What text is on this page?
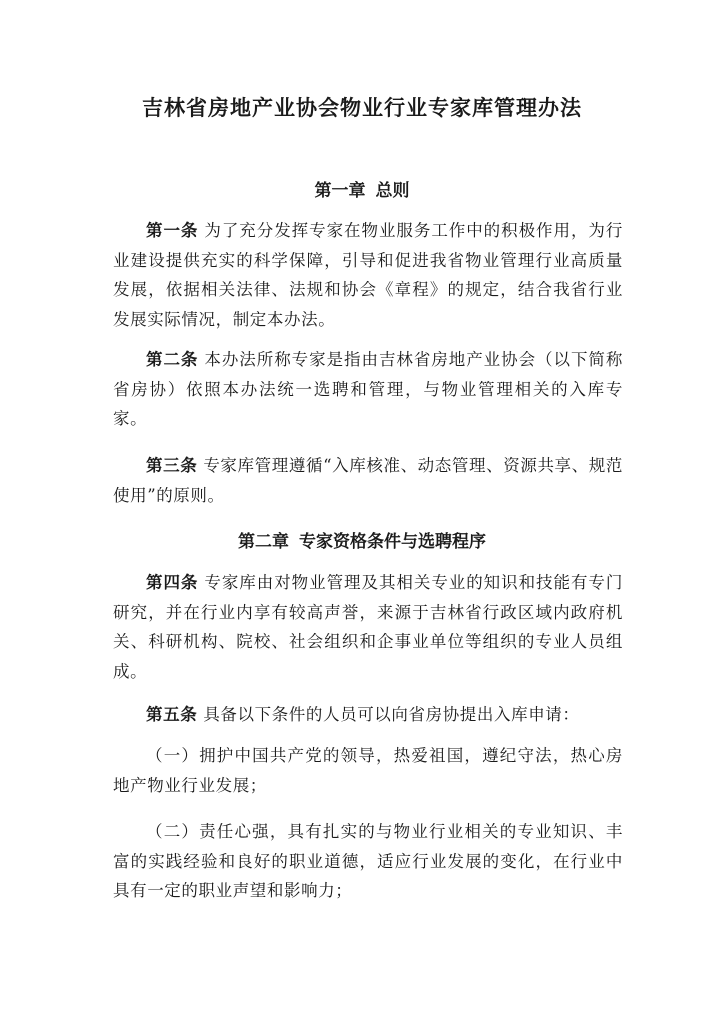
吉林省房地产业协会物业行业专家库管理办法
第一章 总则
第一条 为了充分发挥专家在物业服务工作中的积极作用，为行业建设提供充实的科学保障，引导和促进我省物业管理行业高质量发展，依据相关法律、法规和协会《章程》的规定，结合我省行业发展实际情况，制定本办法。
第二条 本办法所称专家是指由吉林省房地产业协会（以下简称省房协）依照本办法统一选聘和管理，与物业管理相关的入库专家。
第三条 专家库管理遵循“入库核准、动态管理、资源共享、规范使用”的原则。
第二章 专家资格条件与选聘程序
第四条 专家库由对物业管理及其相关专业的知识和技能有专门研究，并在行业内享有较高声誉，来源于吉林省行政区域内政府机关、科研机构、院校、社会组织和企事业单位等组织的专业人员组成。
第五条 具备以下条件的人员可以向省房协提出入库申请：
（一）拥护中国共产党的领导，热爱祖国，遵纪守法，热心房地产物业行业发展；
（二）责任心强，具有扎实的与物业行业相关的专业知识、丰富的实践经验和良好的职业道德，适应行业发展的变化，在行业中具有一定的职业声望和影响力；
